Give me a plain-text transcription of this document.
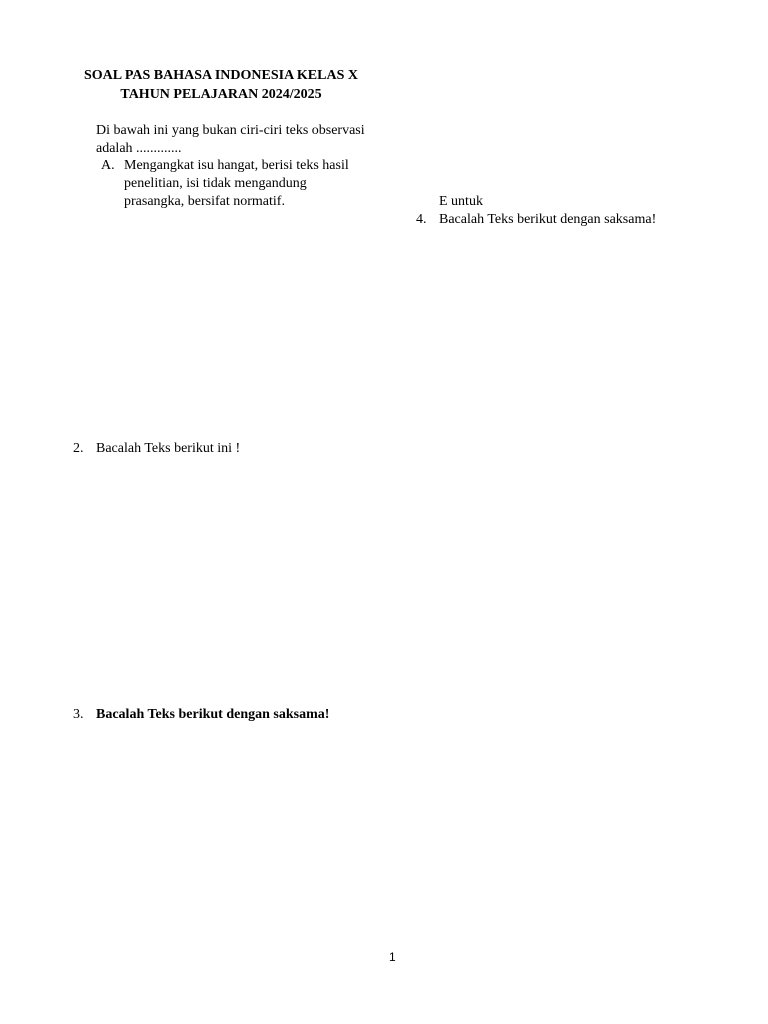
SOAL PAS BAHASA INDONESIA KELAS X
TAHUN PELAJARAN 2024/2025
Di bawah ini yang bukan ciri-ciri teks observasi
adalah .............
A. Mengangkat isu hangat, berisi teks hasil
penelitian, isi tidak mengandung
prasangka, bersifat normatif.	E untuk
4. Bacalah Teks berikut dengan saksama!
2. Bacalah Teks berikut ini !
3. Bacalah Teks berikut dengan saksama!
1
